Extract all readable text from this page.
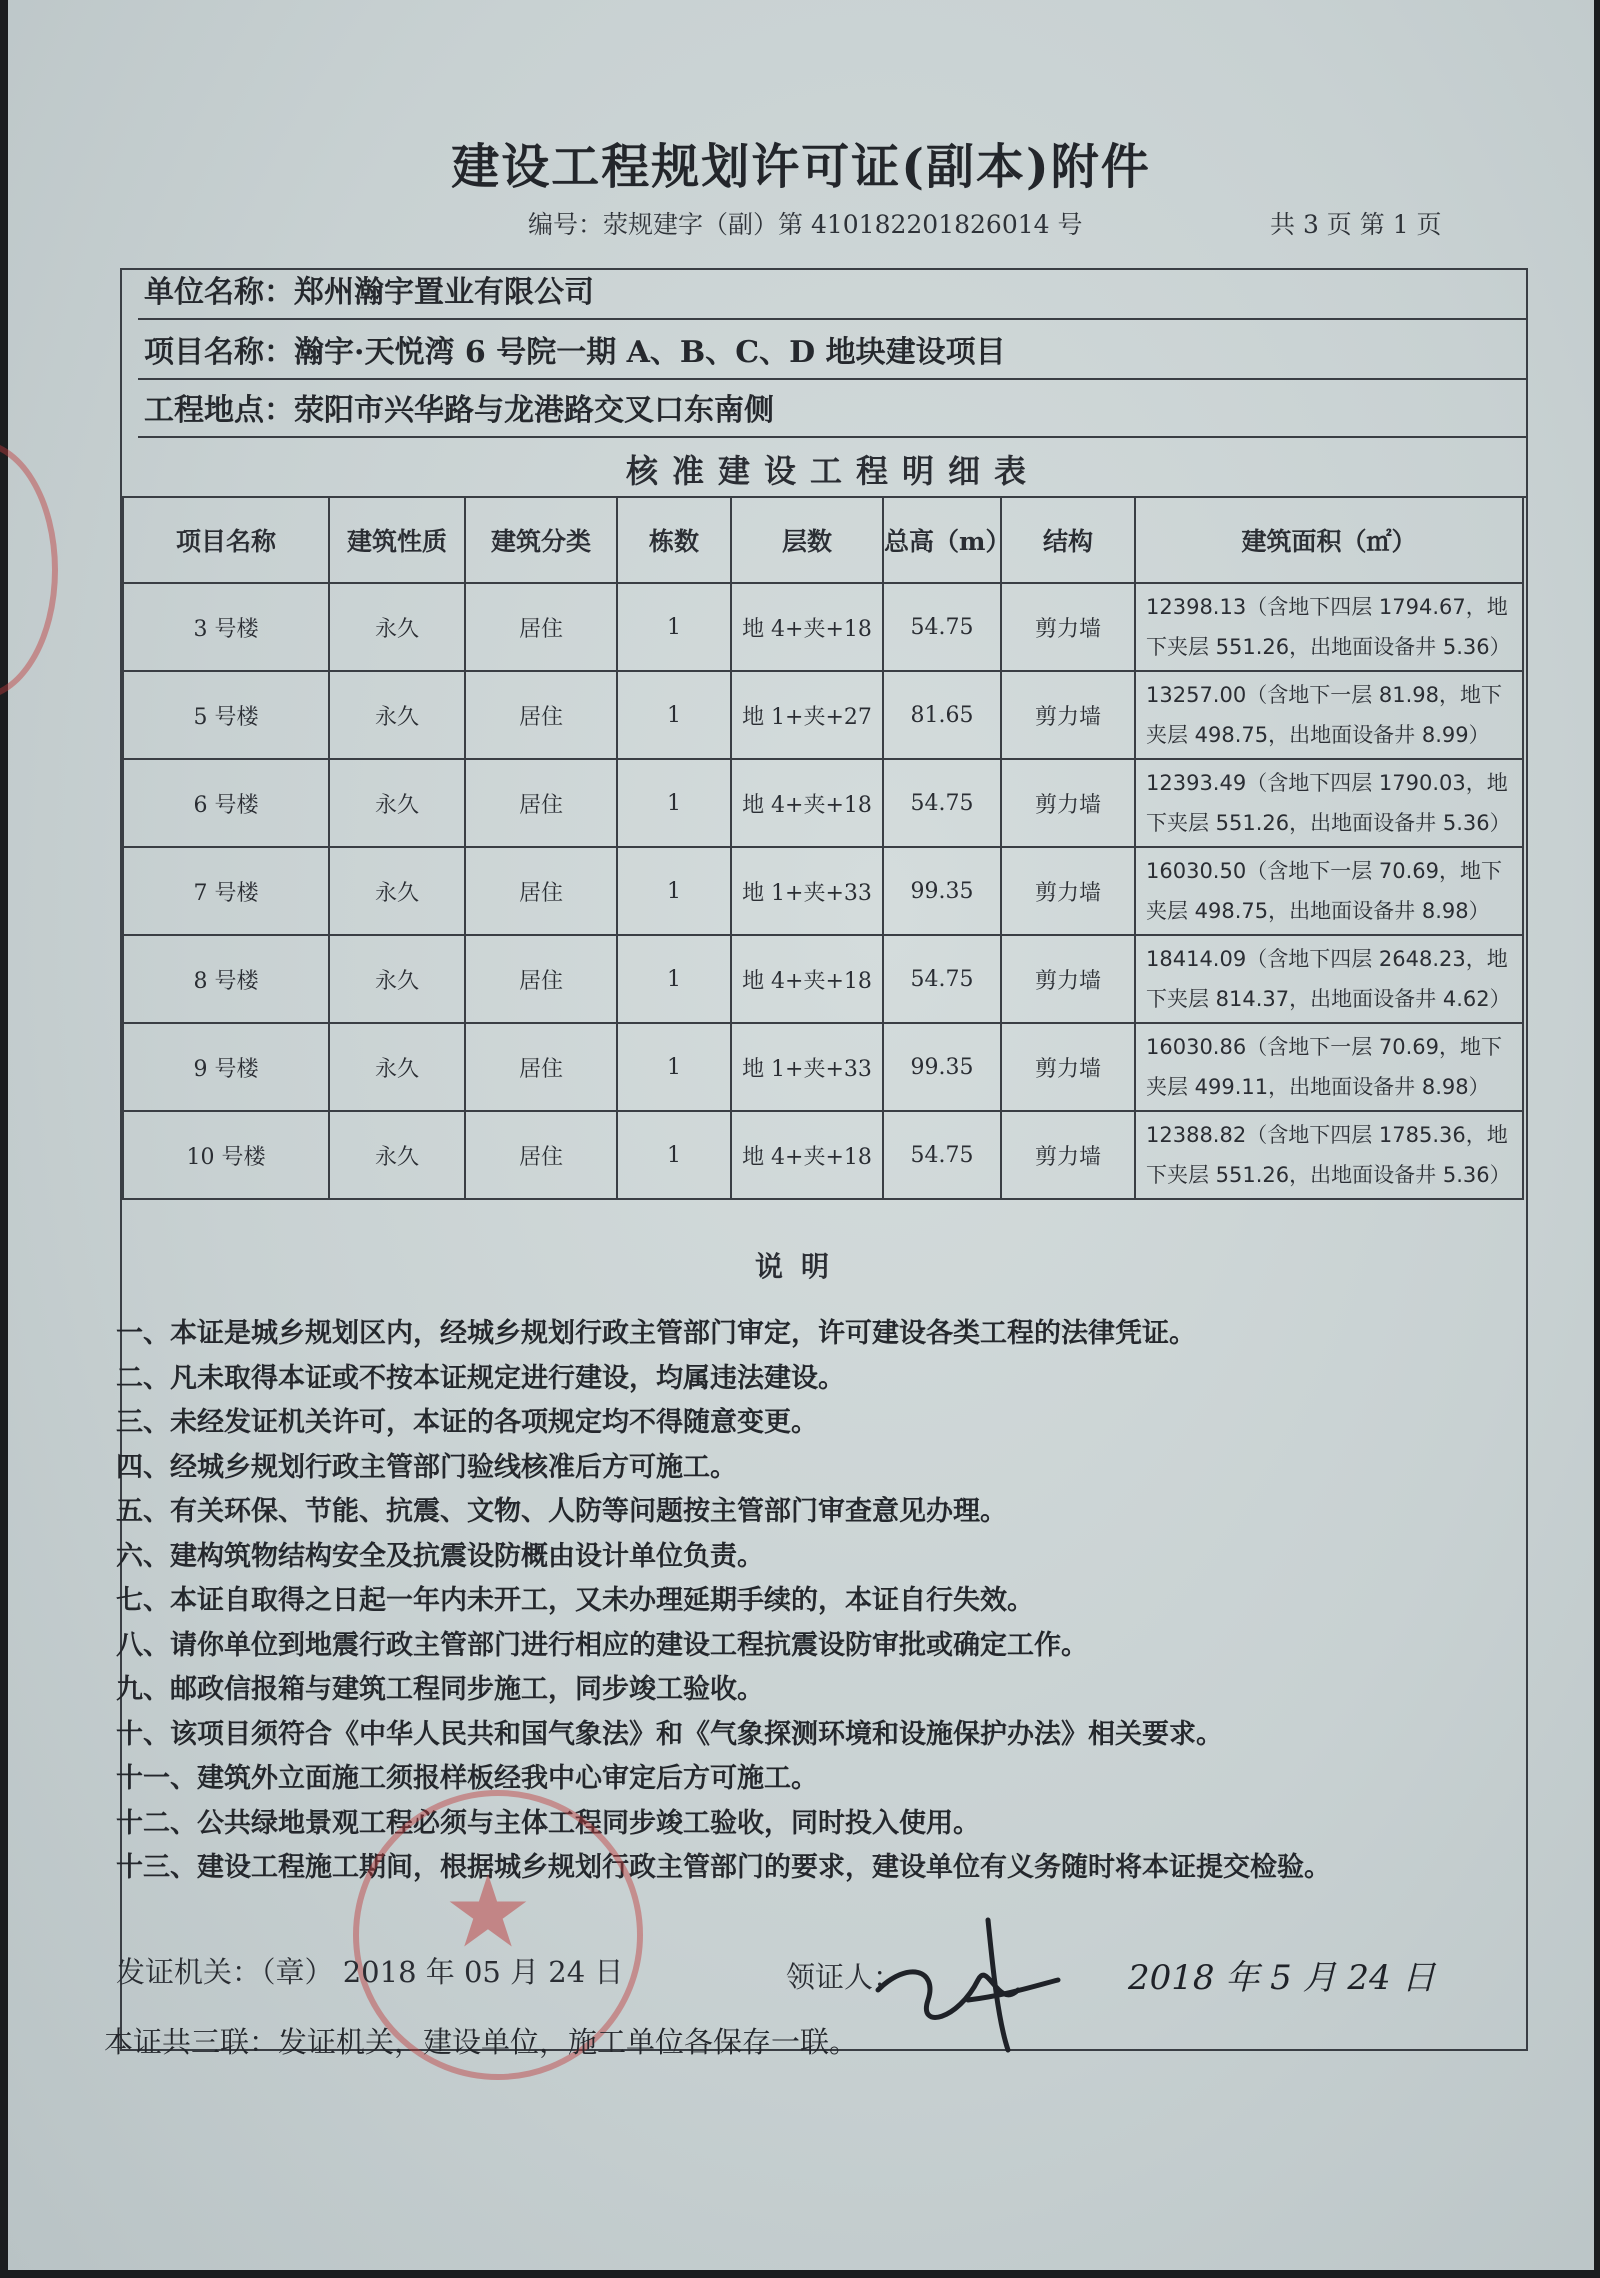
建设工程规划许可证(副本)附件
编号：荥规建字（副）第 410182201826014 号	共 3 页 第 1 页
单位名称：郑州瀚宇置业有限公司
项目名称：瀚宇·天悦湾 6 号院一期 A、B、C、D 地块建设项目
工程地点：荥阳市兴华路与龙港路交叉口东南侧
核准建设工程明细表
项目名称	建筑性质	建筑分类	栋数	层数	总高（m）	结构	建筑面积（㎡）
3 号楼	永久	居住	1	地 4+夹+18	54.75	剪力墙	12398.13（含地下四层 1794.67，地
下夹层 551.26，出地面设备井 5.36）

5 号楼	永久	居住	1	地 1+夹+27	81.65	剪力墙	13257.00（含地下一层 81.98，地下
夹层 498.75，出地面设备井 8.99）

6 号楼	永久	居住	1	地 4+夹+18	54.75	剪力墙	12393.49（含地下四层 1790.03，地
下夹层 551.26，出地面设备井 5.36）

7 号楼	永久	居住	1	地 1+夹+33	99.35	剪力墙	16030.50（含地下一层 70.69，地下
夹层 498.75，出地面设备井 8.98）

8 号楼	永久	居住	1	地 4+夹+18	54.75	剪力墙	18414.09（含地下四层 2648.23，地
下夹层 814.37，出地面设备井 4.62）

9 号楼	永久	居住	1	地 1+夹+33	99.35	剪力墙	16030.86（含地下一层 70.69，地下
夹层 499.11，出地面设备井 8.98）

10 号楼	永久	居住	1	地 4+夹+18	54.75	剪力墙	12388.82（含地下四层 1785.36，地
下夹层 551.26，出地面设备井 5.36）
说明
一、本证是城乡规划区内，经城乡规划行政主管部门审定，许可建设各类工程的法律凭证。
二、凡未取得本证或不按本证规定进行建设，均属违法建设。
三、未经发证机关许可，本证的各项规定均不得随意变更。
四、经城乡规划行政主管部门验线核准后方可施工。
五、有关环保、节能、抗震、文物、人防等问题按主管部门审查意见办理。
六、建构筑物结构安全及抗震设防概由设计单位负责。
七、本证自取得之日起一年内未开工，又未办理延期手续的，本证自行失效。
八、请你单位到地震行政主管部门进行相应的建设工程抗震设防审批或确定工作。
九、邮政信报箱与建筑工程同步施工，同步竣工验收。
十、该项目须符合《中华人民共和国气象法》和《气象探测环境和设施保护办法》相关要求。
十一、建筑外立面施工须报样板经我中心审定后方可施工。
十二、公共绿地景观工程必须与主体工程同步竣工验收，同时投入使用。
十三、建设工程施工期间，根据城乡规划行政主管部门的要求，建设单位有义务随时将本证提交检验。
★
发证机关：（章） 2018 年 05 月 24 日	领证人：	2018 年 5 月 24 日
本证共三联：发证机关，建设单位，施工单位各保存一联。
